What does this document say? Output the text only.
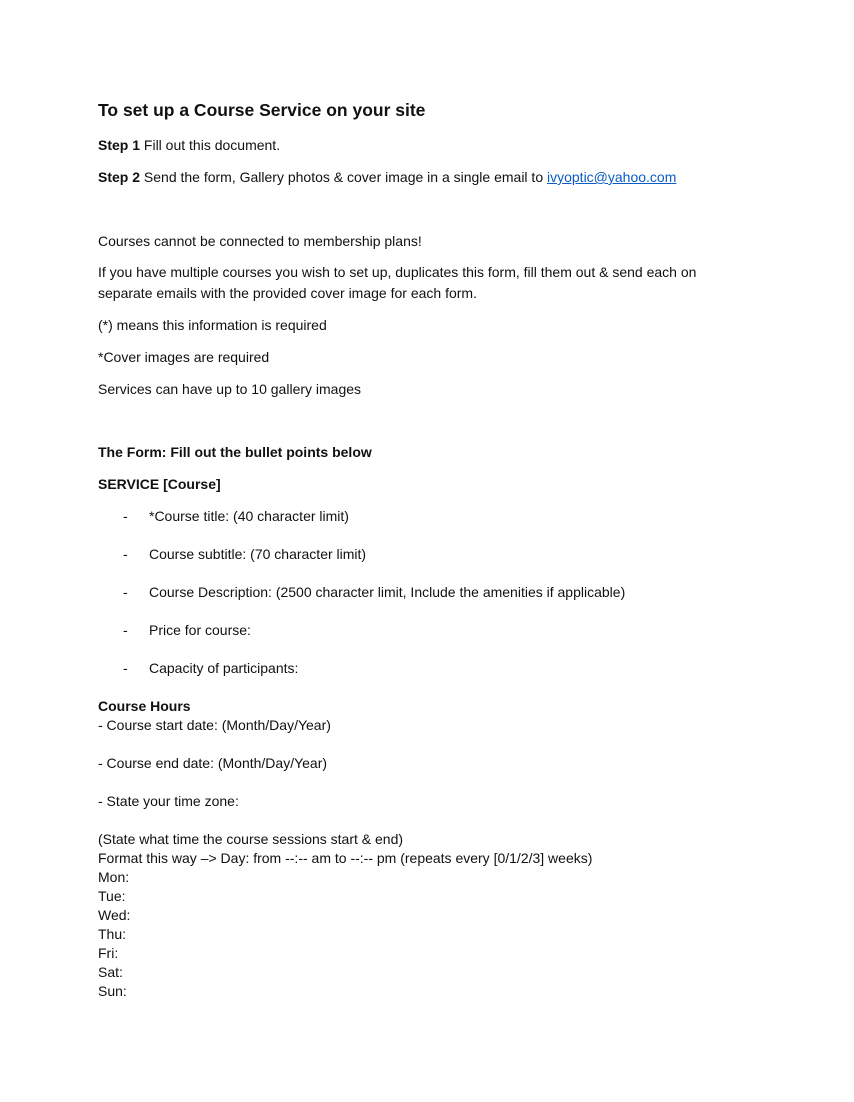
To set up a Course Service on your site
Step 1 Fill out this document.
Step 2 Send the form, Gallery photos & cover image in a single email to ivyoptic@yahoo.com
Courses cannot be connected to membership plans!
If you have multiple courses you wish to set up, duplicates this form, fill them out & send each on
separate emails with the provided cover image for each form.
(*) means this information is required
*Cover images are required
Services can have up to 10 gallery images
The Form: Fill out the bullet points below
SERVICE [Course]
- *Course title: (40 character limit)
- Course subtitle: (70 character limit)
- Course Description: (2500 character limit, Include the amenities if applicable)
- Price for course:
- Capacity of participants:
Course Hours
- Course start date: (Month/Day/Year)
- Course end date: (Month/Day/Year)
- State your time zone:
(State what time the course sessions start & end)
Format this way –> Day: from --:-- am to --:-- pm (repeats every [0/1/2/3] weeks)
Mon:
Tue:
Wed:
Thu:
Fri:
Sat:
Sun:
